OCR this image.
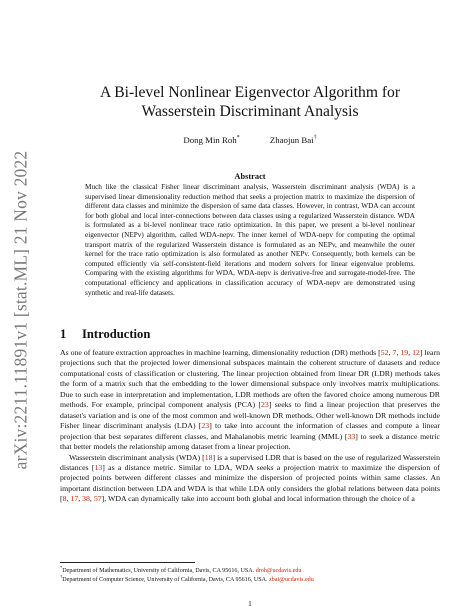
arXiv:2211.11891v1 [stat.ML] 21 Nov 2022
A Bi-level Nonlinear Eigenvector Algorithm for
Wasserstein Discriminant Analysis
Dong Min Roh*	Zhaojun Bai†
Abstract

Much like the classical Fisher linear discriminant analysis, Wasserstein discriminant analysis (WDA) is a supervised linear dimensionality reduction method that seeks a projection matrix to maximize the dispersion of different data classes and minimize the dispersion of same data classes. However, in contrast, WDA can account for both global and local inter-connections between data classes using a regularized Wasserstein distance. WDA is formulated as a bi-level nonlinear trace ratio optimization. In this paper, we present a bi-level nonlinear eigenvector (NEPv) algorithm, called WDA-nepv. The inner kernel of WDA-nepv for computing the optimal transport matrix of the regularized Wasserstein distance is formulated as an NEPv, and meanwhile the outer kernel for the trace ratio optimization is also formulated as another NEPv. Consequently, both kernels can be computed efficiently via self-consistent-field iterations and modern solvers for linear eigenvalue problems. Comparing with the existing algorithms for WDA, WDA-nepv is derivative-free and surrogate-model-free. The computational efficiency and applications in classification accuracy of WDA-nepv are demonstrated using synthetic and real-life datasets.

1 Introduction

As one of feature extraction approaches in machine learning, dimensionality reduction (DR) methods [52, 7, 19, 12] learn projections such that the projected lower dimensional subspaces maintain the coherent structure of datasets and reduce computational costs of classification or clustering. The linear projection obtained from linear DR (LDR) methods takes the form of a matrix such that the embedding to the lower dimensional subspace only involves matrix multiplications. Due to such ease in interpretation and implementation, LDR methods are often the favored choice among numerous DR methods. For example, principal component analysis (PCA) [23] seeks to find a linear projection that preserves the dataset's variation and is one of the most common and well-known DR methods. Other well-known DR methods include Fisher linear discriminant analysis (LDA) [23] to take into account the information of classes and compute a linear projection that best separates different classes, and Mahalanobis metric learning (MML) [33] to seek a distance metric that better models the relationship among dataset from a linear projection.

Wasserstein discriminant analysis (WDA) [18] is a supervised LDR that is based on the use of regularized Wasserstein distances [13] as a distance metric. Similar to LDA, WDA seeks a projection matrix to maximize the dispersion of projected points between different classes and minimize the dispersion of projected points within same classes. An important distinction between LDA and WDA is that while LDA only considers the global relations between data points [8, 17, 38, 57], WDA can dynamically take into account both global and local information through the choice of a

*Department of Mathematics, University of California, Davis, CA 95616, USA. droh@ucdavis.edu
†Department of Computer Science, University of California, Davis, CA 95616, USA. zbai@ucdavis.edu
1
